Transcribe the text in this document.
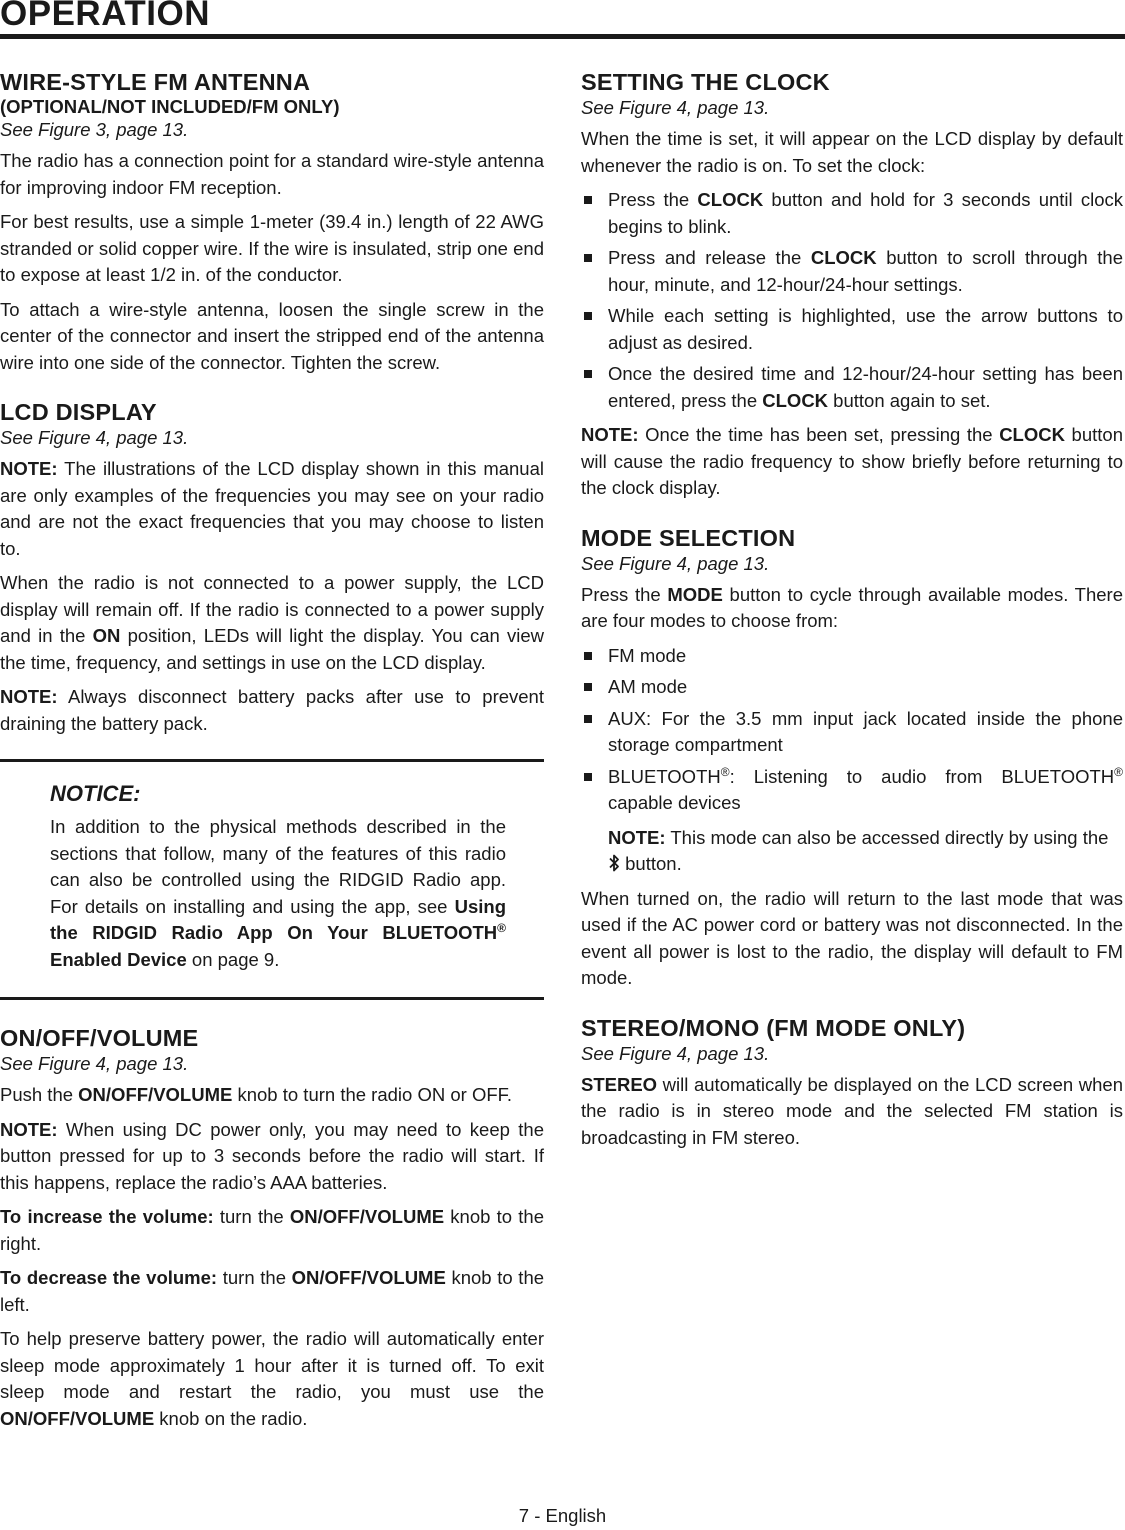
OPERATION
WIRE-STYLE FM ANTENNA
(OPTIONAL/NOT INCLUDED/FM ONLY)
See Figure 3, page 13.

The radio has a connection point for a standard wire-style antenna for improving indoor FM reception.

For best results, use a simple 1-meter (39.4 in.) length of 22 AWG stranded or solid copper wire. If the wire is insulated, strip one end to expose at least 1/2 in. of the conductor.

To attach a wire-style antenna, loosen the single screw in the center of the connector and insert the stripped end of the antenna wire into one side of the connector. Tighten the screw.

LCD DISPLAY
See Figure 4, page 13.

NOTE: The illustrations of the LCD display shown in this manual are only examples of the frequencies you may see on your radio and are not the exact frequencies that you may choose to listen to.

When the radio is not connected to a power supply, the LCD display will remain off. If the radio is connected to a power supply and in the ON position, LEDs will light the display. You can view the time, frequency, and settings in use on the LCD display.

NOTE: Always disconnect battery packs after use to prevent draining the battery pack.

NOTICE:

In addition to the physical methods described in the sections that follow, many of the features of this radio can also be controlled using the RIDGID Radio app. For details on installing and using the app, see Using the RIDGID Radio App On Your BLUETOOTH® Enabled Device on page 9.

ON/OFF/VOLUME
See Figure 4, page 13.

Push the ON/OFF/VOLUME knob to turn the radio ON or OFF.

NOTE: When using DC power only, you may need to keep the button pressed for up to 3 seconds before the radio will start. If this happens, replace the radio’s AAA batteries.

To increase the volume: turn the ON/OFF/VOLUME knob to the right.

To decrease the volume: turn the ON/OFF/VOLUME knob to the left.

To help preserve battery power, the radio will automatically enter sleep mode approximately 1 hour after it is turned off. To exit sleep mode and restart the radio, you must use the ON/OFF/VOLUME knob on the radio.

SETTING THE CLOCK
See Figure 4, page 13.

When the time is set, it will appear on the LCD display by default whenever the radio is on. To set the clock:

Press the CLOCK button and hold for 3 seconds until clock begins to blink.
Press and release the CLOCK button to scroll through the hour, minute, and 12-hour/24-hour settings.
While each setting is highlighted, use the arrow buttons to adjust as desired.
Once the desired time and 12-hour/24-hour setting has been entered, press the CLOCK button again to set.

NOTE: Once the time has been set, pressing the CLOCK button will cause the radio frequency to show briefly before returning to the clock display.

MODE SELECTION
See Figure 4, page 13.

Press the MODE button to cycle through available modes. There are four modes to choose from:

FM mode
AM mode
AUX: For the 3.5 mm input jack located inside the phone storage compartment
BLUETOOTH®: Listening to audio from BLUETOOTH® capable devices
NOTE: This mode can also be accessed directly by using the  button.

When turned on, the radio will return to the last mode that was used if the AC power cord or battery was not disconnected. In the event all power is lost to the radio, the display will default to FM mode.

STEREO/MONO (FM MODE ONLY)
See Figure 4, page 13.

STEREO will automatically be displayed on the LCD screen when the radio is in stereo mode and the selected FM station is broadcasting in FM stereo.

7 - English
